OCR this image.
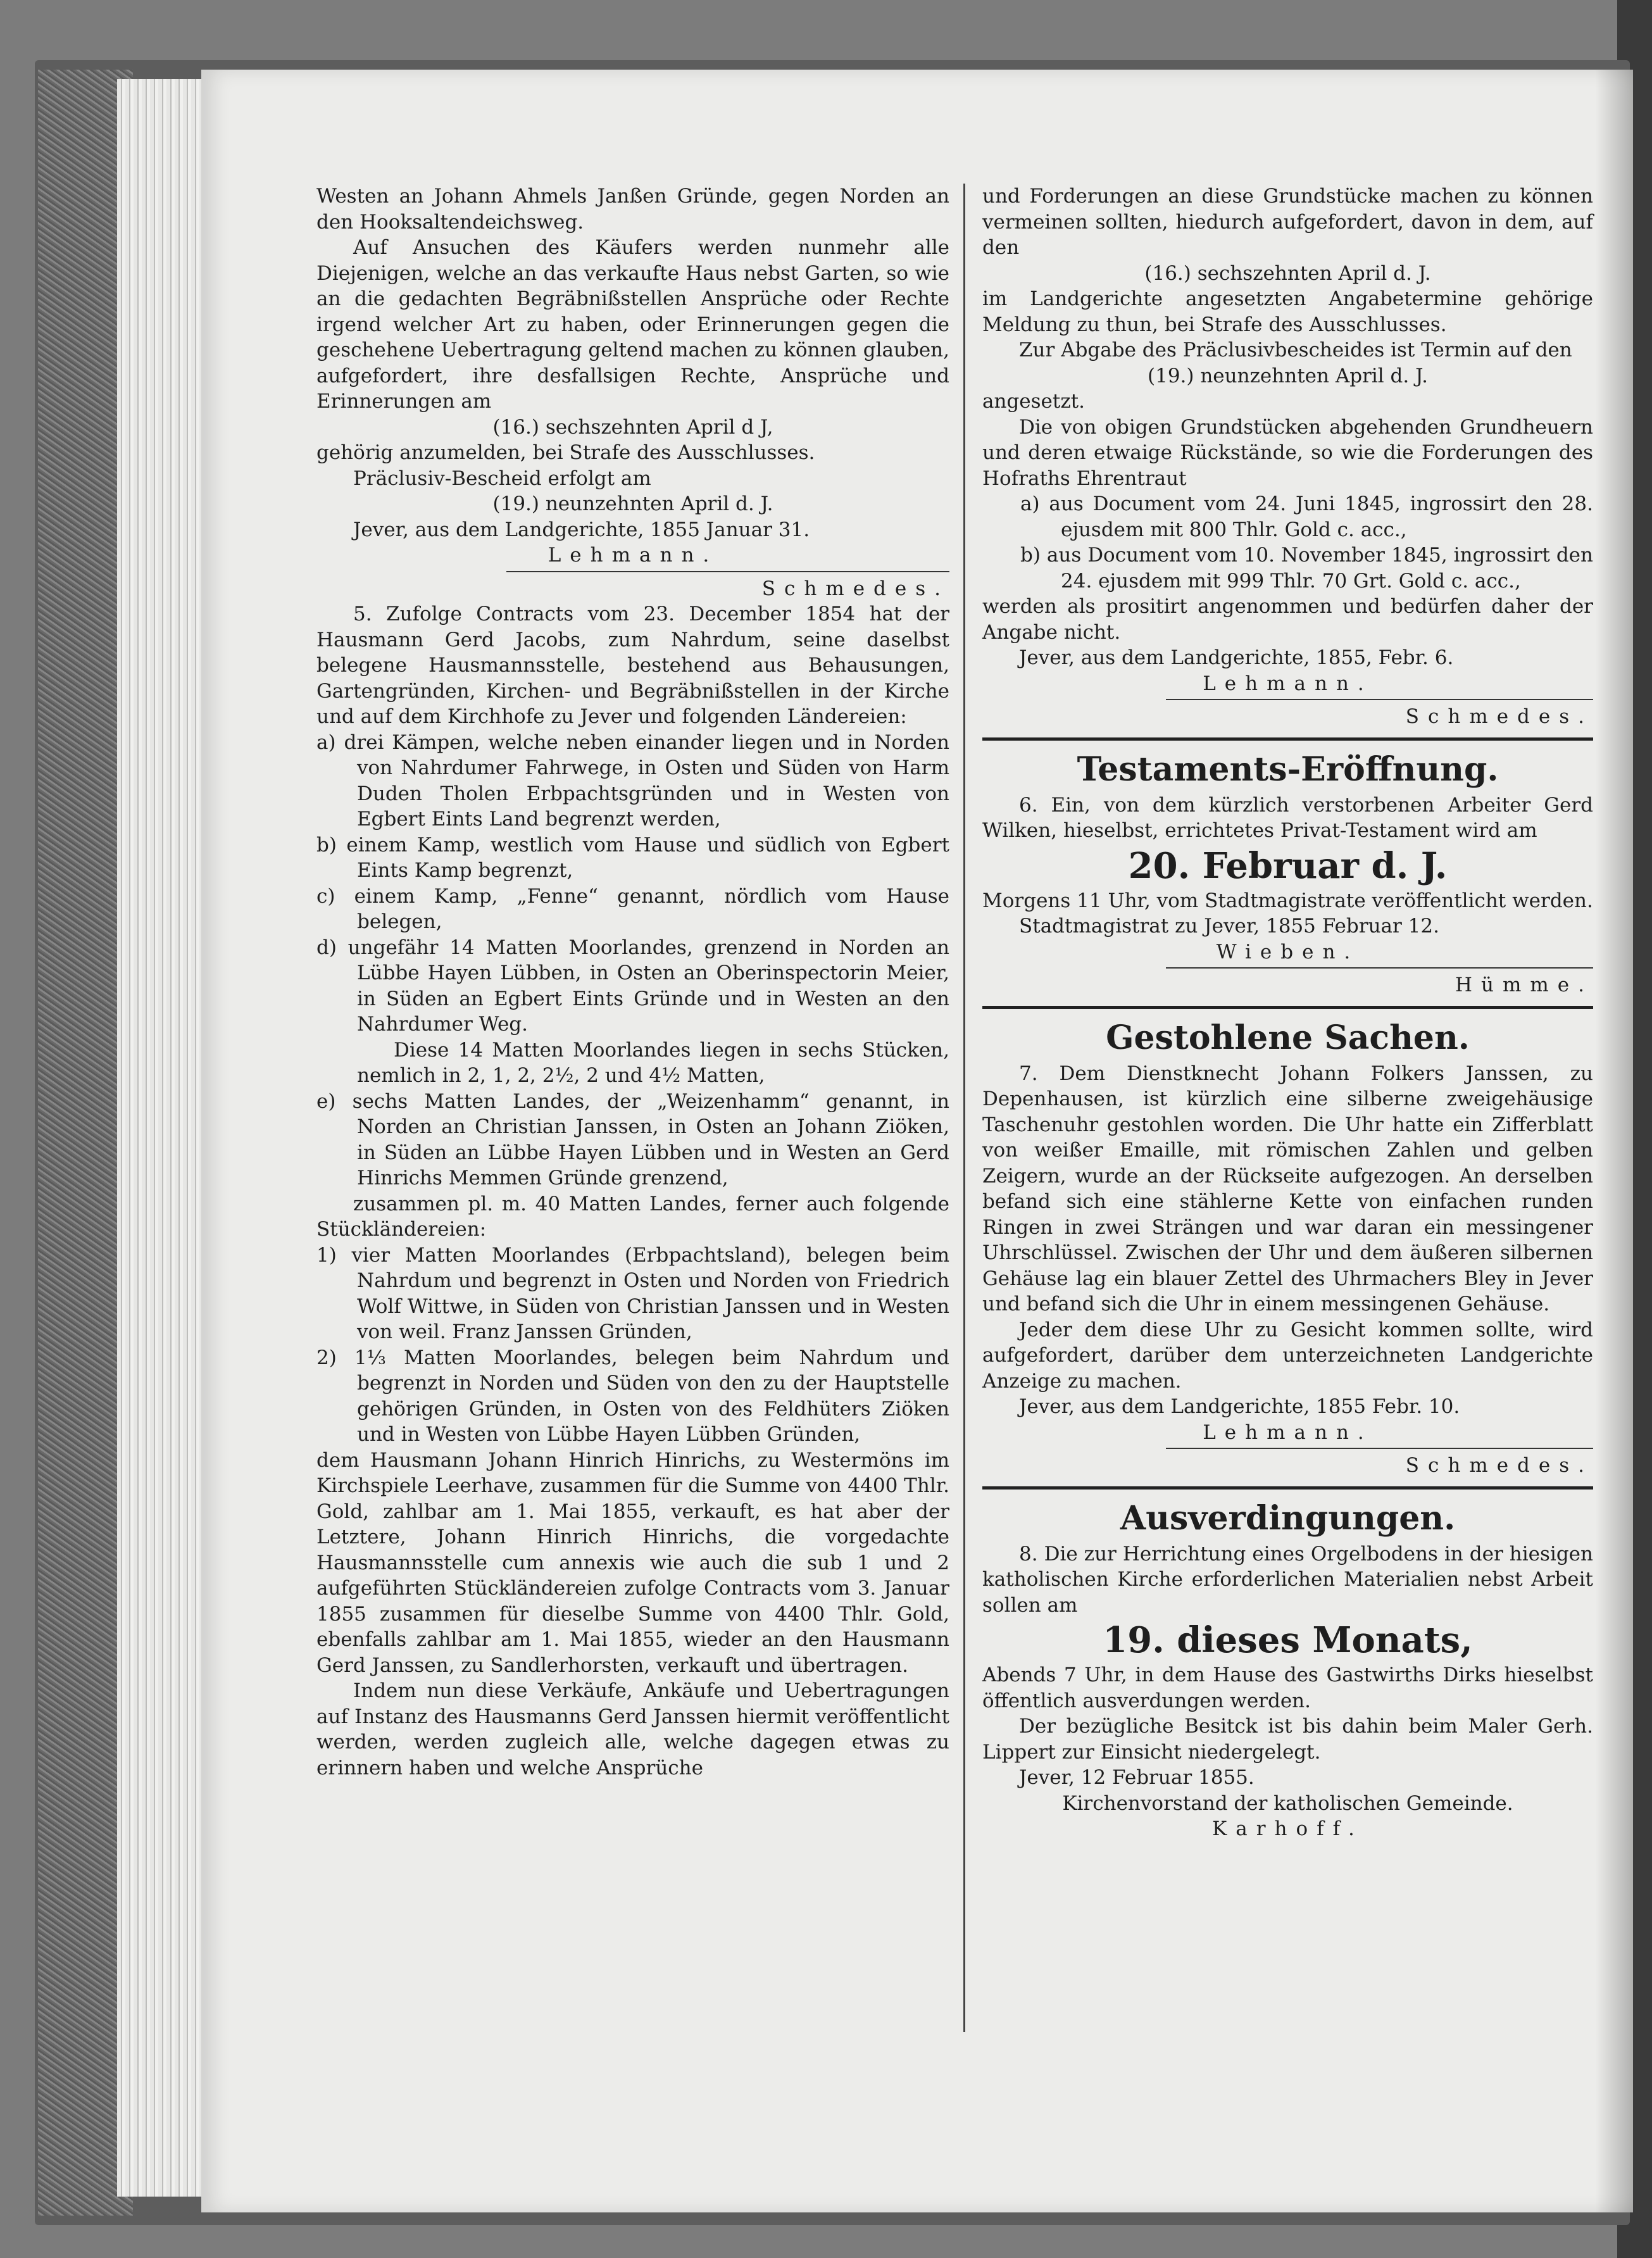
Westen an Johann Ahmels Janßen Gründe, gegen Norden an den Hooksaltendeichsweg.

Auf Ansuchen des Käufers werden nunmehr alle Diejenigen, welche an das verkaufte Haus nebst Garten, so wie an die gedachten Begräbnißstellen Ansprüche oder Rechte irgend welcher Art zu haben, oder Erinnerungen gegen die geschehene Uebertragung geltend machen zu können glauben, aufgefordert, ihre desfallsigen Rechte, Ansprüche und Erinnerungen am

(16.) sechszehnten April d J,

gehörig anzumelden, bei Strafe des Ausschlusses.

Präclusiv-Bescheid erfolgt am

(19.) neunzehnten April d. J.

Jever, aus dem Landgerichte, 1855 Januar 31.

Lehmann.

Schmedes.

5. Zufolge Contracts vom 23. December 1854 hat der Hausmann Gerd Jacobs, zum Nahrdum, seine daselbst belegene Hausmannsstelle, bestehend aus Behausungen, Gartengründen, Kirchen- und Begräbnißstellen in der Kirche und auf dem Kirchhofe zu Jever und folgenden Ländereien:

a) drei Kämpen, welche neben einander liegen und in Norden von Nahrdumer Fahrwege, in Osten und Süden von Harm Duden Tholen Erbpachtsgründen und in Westen von Egbert Eints Land begrenzt werden,

b) einem Kamp, westlich vom Hause und südlich von Egbert Eints Kamp begrenzt,

c) einem Kamp, „Fenne“ genannt, nördlich vom Hause belegen,

d) ungefähr 14 Matten Moorlandes, grenzend in Norden an Lübbe Hayen Lübben, in Osten an Oberinspectorin Meier, in Süden an Egbert Eints Gründe und in Westen an den Nahrdumer Weg.

Diese 14 Matten Moorlandes liegen in sechs Stücken, nemlich in 2, 1, 2, 2½, 2 und 4½ Matten,

e) sechs Matten Landes, der „Weizenhamm“ genannt, in Norden an Christian Janssen, in Osten an Johann Ziöken, in Süden an Lübbe Hayen Lübben und in Westen an Gerd Hinrichs Memmen Gründe grenzend,

zusammen pl. m. 40 Matten Landes, ferner auch folgende Stückländereien:

1) vier Matten Moorlandes (Erbpachtsland), belegen beim Nahrdum und begrenzt in Osten und Norden von Friedrich Wolf Wittwe, in Süden von Christian Janssen und in Westen von weil. Franz Janssen Gründen,

2) 1⅓ Matten Moorlandes, belegen beim Nahrdum und begrenzt in Norden und Süden von den zu der Hauptstelle gehörigen Gründen, in Osten von des Feldhüters Ziöken und in Westen von Lübbe Hayen Lübben Gründen,

dem Hausmann Johann Hinrich Hinrichs, zu Westermöns im Kirchspiele Leerhave, zusammen für die Summe von 4400 Thlr. Gold, zahlbar am 1. Mai 1855, verkauft, es hat aber der Letztere, Johann Hinrich Hinrichs, die vorgedachte Hausmannsstelle cum annexis wie auch die sub 1 und 2 aufgeführten Stückländereien zufolge Contracts vom 3. Januar 1855 zusammen für dieselbe Summe von 4400 Thlr. Gold, ebenfalls zahlbar am 1. Mai 1855, wieder an den Hausmann Gerd Janssen, zu Sandlerhorsten, verkauft und übertragen.

Indem nun diese Verkäufe, Ankäufe und Uebertragungen auf Instanz des Hausmanns Gerd Janssen hiermit veröffentlicht werden, werden zugleich alle, welche dagegen etwas zu erinnern haben und welche Ansprüche

und Forderungen an diese Grundstücke machen zu können vermeinen sollten, hiedurch aufgefordert, davon in dem, auf den

(16.) sechszehnten April d. J.

im Landgerichte angesetzten Angabetermine gehörige Meldung zu thun, bei Strafe des Ausschlusses.

Zur Abgabe des Präclusivbescheides ist Termin auf den

(19.) neunzehnten April d. J.

angesetzt.

Die von obigen Grundstücken abgehenden Grundheuern und deren etwaige Rückstände, so wie die Forderungen des Hofraths Ehrentraut

a) aus Document vom 24. Juni 1845, ingrossirt den 28. ejusdem mit 800 Thlr. Gold c. acc.,

b) aus Document vom 10. November 1845, ingrossirt den 24. ejusdem mit 999 Thlr. 70 Grt. Gold c. acc.,

werden als prositirt angenommen und bedürfen daher der Angabe nicht.

Jever, aus dem Landgerichte, 1855, Febr. 6.

Lehmann.

Schmedes.

Testaments-Eröffnung.

6. Ein, von dem kürzlich verstorbenen Arbeiter Gerd Wilken, hieselbst, errichtetes Privat-Testament wird am

20. Februar d. J.

Morgens 11 Uhr, vom Stadtmagistrate veröffentlicht werden.

Stadtmagistrat zu Jever, 1855 Februar 12.

Wieben.

Hümme.

Gestohlene Sachen.

7. Dem Dienstknecht Johann Folkers Janssen, zu Depenhausen, ist kürzlich eine silberne zweigehäusige Taschenuhr gestohlen worden. Die Uhr hatte ein Zifferblatt von weißer Emaille, mit römischen Zahlen und gelben Zeigern, wurde an der Rückseite aufgezogen. An derselben befand sich eine stählerne Kette von einfachen runden Ringen in zwei Strängen und war daran ein messingener Uhrschlüssel. Zwischen der Uhr und dem äußeren silbernen Gehäuse lag ein blauer Zettel des Uhrmachers Bley in Jever und befand sich die Uhr in einem messingenen Gehäuse.

Jeder dem diese Uhr zu Gesicht kommen sollte, wird aufgefordert, darüber dem unterzeichneten Landgerichte Anzeige zu machen.

Jever, aus dem Landgerichte, 1855 Febr. 10.

Lehmann.

Schmedes.

Ausverdingungen.

8. Die zur Herrichtung eines Orgelbodens in der hiesigen katholischen Kirche erforderlichen Materialien nebst Arbeit sollen am

19. dieses Monats,

Abends 7 Uhr, in dem Hause des Gastwirths Dirks hieselbst öffentlich ausverdungen werden.

Der bezügliche Besitck ist bis dahin beim Maler Gerh. Lippert zur Einsicht niedergelegt.

Jever, 12 Februar 1855.

Kirchenvorstand der katholischen Gemeinde.

Karhoff.
